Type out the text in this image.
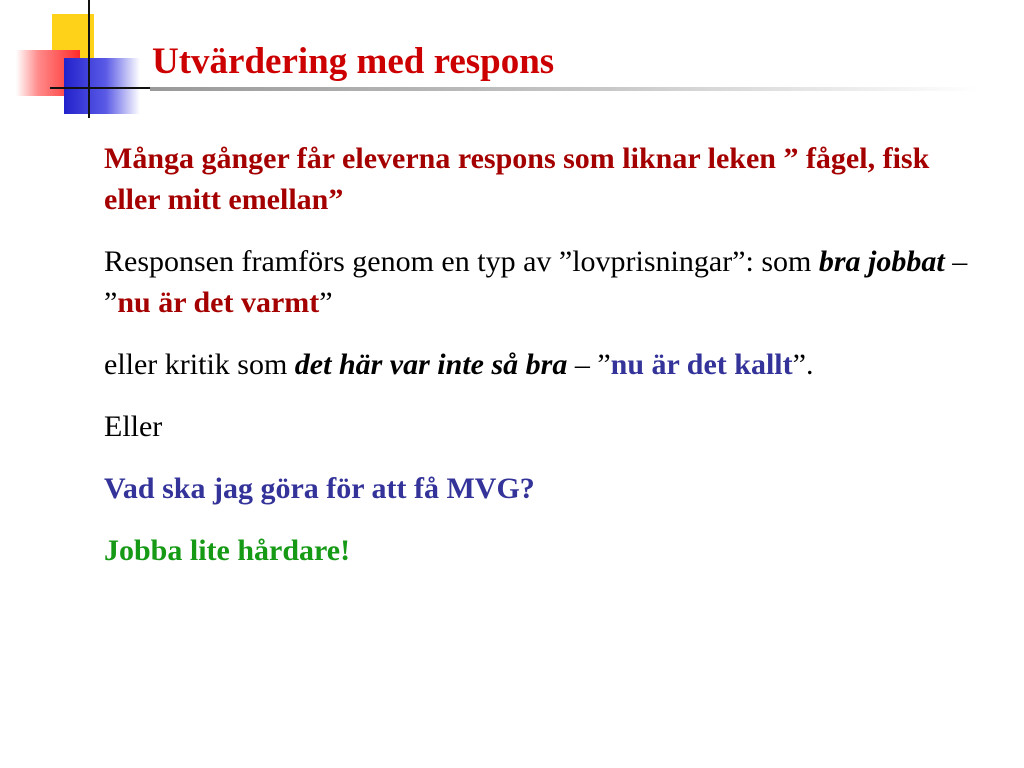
Utvärdering med respons

Många gånger får eleverna respons som liknar leken ” fågel, fisk eller mitt emellan”

Responsen framförs genom en typ av ”lovprisningar”: som bra jobbat – ”nu är det varmt”

eller kritik som det här var inte så bra – ”nu är det kallt”.

Eller

Vad ska jag göra för att få MVG?

Jobba lite hårdare!
